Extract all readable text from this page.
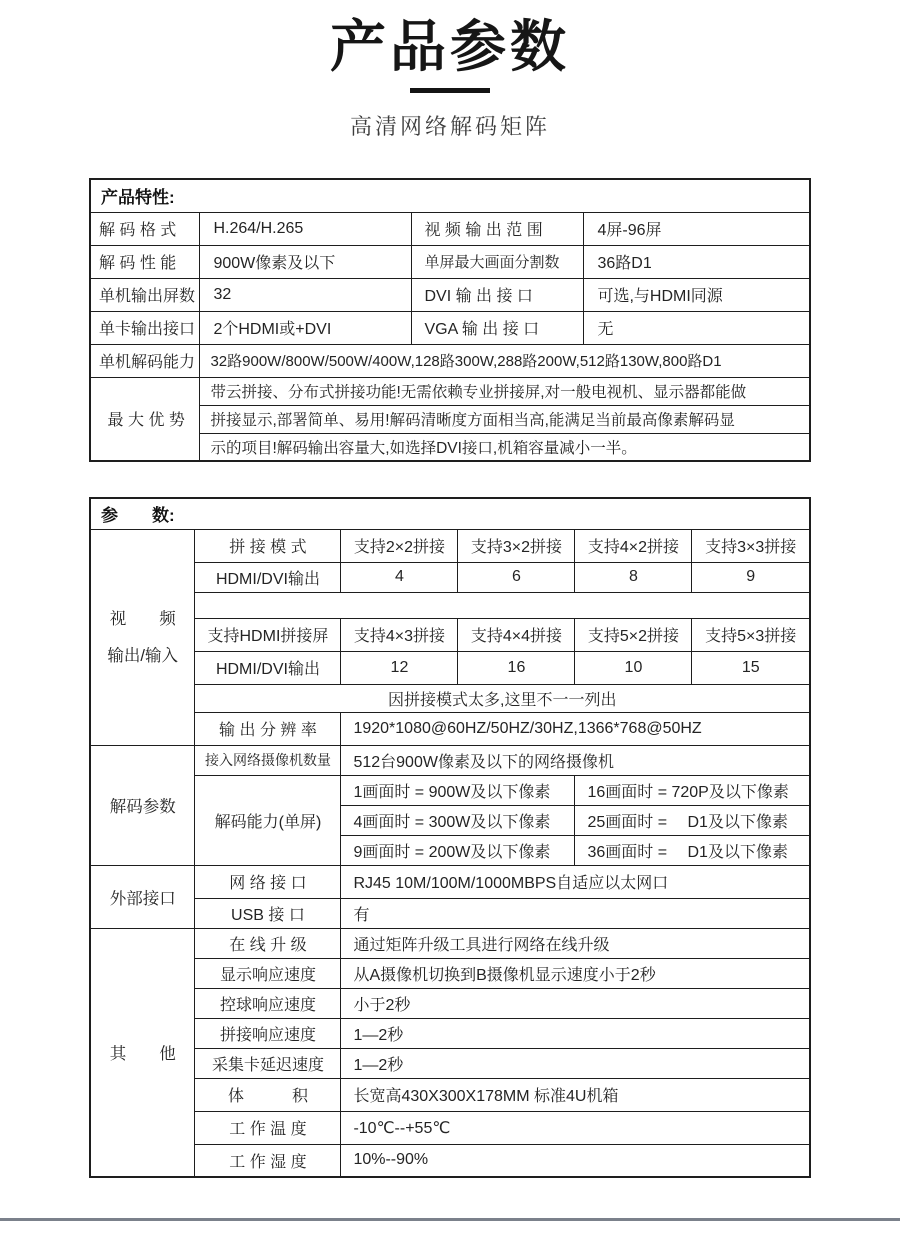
产品参数
高清网络解码矩阵
产品特性:			
解 码 格 式	H.264/H.265	视 频 输 出 范 围	4屏-96屏
解 码 性 能	900W像素及以下	单屏最大画面分割数	36路D1
单机输出屏数	32	DVI 输 出 接 口	可选,与HDMI同源
单卡输出接口	2个HDMI或+DVI	VGA 输 出 接 口	无
单机解码能力	32路900W/800W/500W/400W,128路300W,288路200W,512路130W,800路D1		
最 大 优 势	带云拼接、分布式拼接功能!无需依赖专业拼接屏,对一般电视机、显示器都能做		
	拼接显示,部署简单、易用!解码清晰度方面相当高,能满足当前最高像素解码显		
	示的项目!解码输出容量大,如选择DVI接口,机箱容量减小一半。		
参　　数:					

视　　频
输出/输入	拼 接 模 式	支持2×2拼接	支持3×2拼接	支持4×2拼接	支持3×3拼接
	HDMI/DVI输出	4	6	8	9

	支持HDMI拼接屏	支持4×3拼接	支持4×4拼接	支持5×2拼接	支持5×3拼接
	HDMI/DVI输出	12	16	10	15
	因拼接模式太多,这里不一一列出				
	输 出 分 辨 率	1920*1080@60HZ/50HZ/30HZ,1366*768@50HZ			
解码参数	接入网络摄像机数量	512台900W像素及以下的网络摄像机			
	解码能力(单屏)	1画面时 = 900W及以下像素		16画面时 = 720P及以下像素	
		4画面时 = 300W及以下像素		25画面时 =　 D1及以下像素	
		9画面时 = 200W及以下像素		36画面时 =　 D1及以下像素	
外部接口	网 络 接 口	RJ45 10M/100M/1000MBPS自适应以太网口			
	USB 接 口	有			
其　　他	在 线 升 级	通过矩阵升级工具进行网络在线升级			
	显示响应速度	从A摄像机切换到B摄像机显示速度小于2秒			
	控球响应速度	小于2秒			
	拼接响应速度	1—2秒			
	采集卡延迟速度	1—2秒			
	体　　　积	长宽高430X300X178MM 标准4U机箱			
	工 作 温 度	-10℃--+55℃			
	工 作 湿 度	10%--90%			
